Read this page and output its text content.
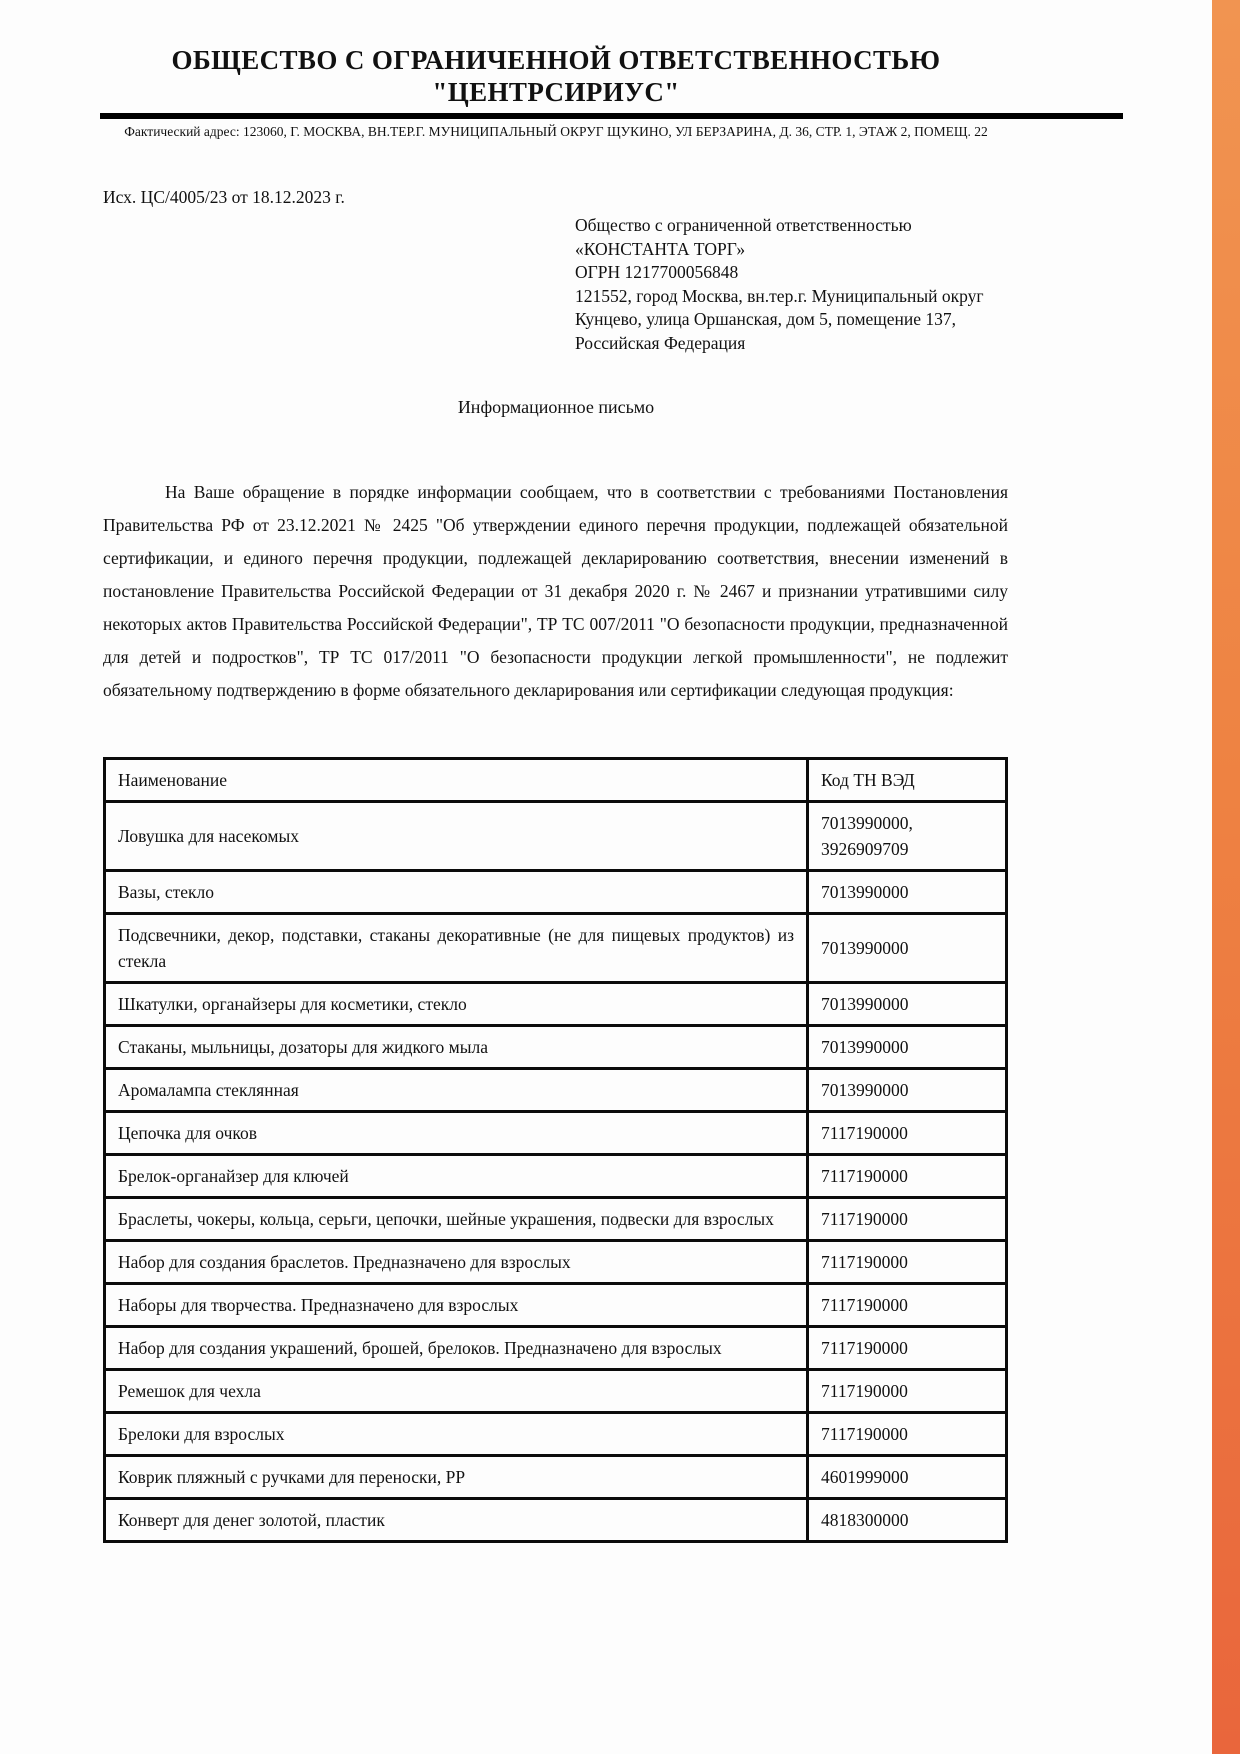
ОБЩЕСТВО С ОГРАНИЧЕННОЙ ОТВЕТСТВЕННОСТЬЮ
"ЦЕНТРСИРИУС"
Фактический адрес: 123060, Г. МОСКВА, ВН.ТЕР.Г. МУНИЦИПАЛЬНЫЙ ОКРУГ ЩУКИНО, УЛ БЕРЗАРИНА, Д. 36, СТР. 1, ЭТАЖ 2, ПОМЕЩ. 22
Исх. ЦС/4005/23 от 18.12.2023 г.
Общество с ограниченной ответственностью
«КОНСТАНТА ТОРГ»
ОГРН 1217700056848
121552, город Москва, вн.тер.г. Муниципальный округ
Кунцево, улица Оршанская, дом 5, помещение 137,
Российская Федерация
Информационное письмо

На Ваше обращение в порядке информации сообщаем, что в соответствии с требованиями Постановления Правительства РФ от 23.12.2021 № 2425 "Об утверждении единого перечня продукции, подлежащей обязательной сертификации, и единого перечня продукции, подлежащей декларированию соответствия, внесении изменений в постановление Правительства Российской Федерации от 31 декабря 2020 г. № 2467 и признании утратившими силу некоторых актов Правительства Российской Федерации", ТР ТС 007/2011 "О безопасности продукции, предназначенной для детей и подростков", ТР ТС 017/2011 "О безопасности продукции легкой промышленности", не подлежит обязательному подтверждению в форме обязательного декларирования или сертификации следующая продукция:

Наименование	Код ТН ВЭД
Ловушка для насекомых	7013990000, 3926909709
Вазы, стекло	7013990000
Подсвечники, декор, подставки, стаканы декоративные (не для пищевых продуктов) из стекла	7013990000
Шкатулки, органайзеры для косметики, стекло	7013990000
Стаканы, мыльницы, дозаторы для жидкого мыла	7013990000
Аромалампа стеклянная	7013990000
Цепочка для очков	7117190000
Брелок-органайзер для ключей	7117190000
Браслеты, чокеры, кольца, серьги, цепочки, шейные украшения, подвески для взрослых	7117190000
Набор для создания браслетов. Предназначено для взрослых	7117190000
Наборы для творчества. Предназначено для взрослых	7117190000
Набор для создания украшений, брошей, брелоков. Предназначено для взрослых	7117190000
Ремешок для чехла	7117190000
Брелоки для взрослых	7117190000
Коврик пляжный с ручками для переноски, PP	4601999000
Конверт для денег золотой, пластик	4818300000
